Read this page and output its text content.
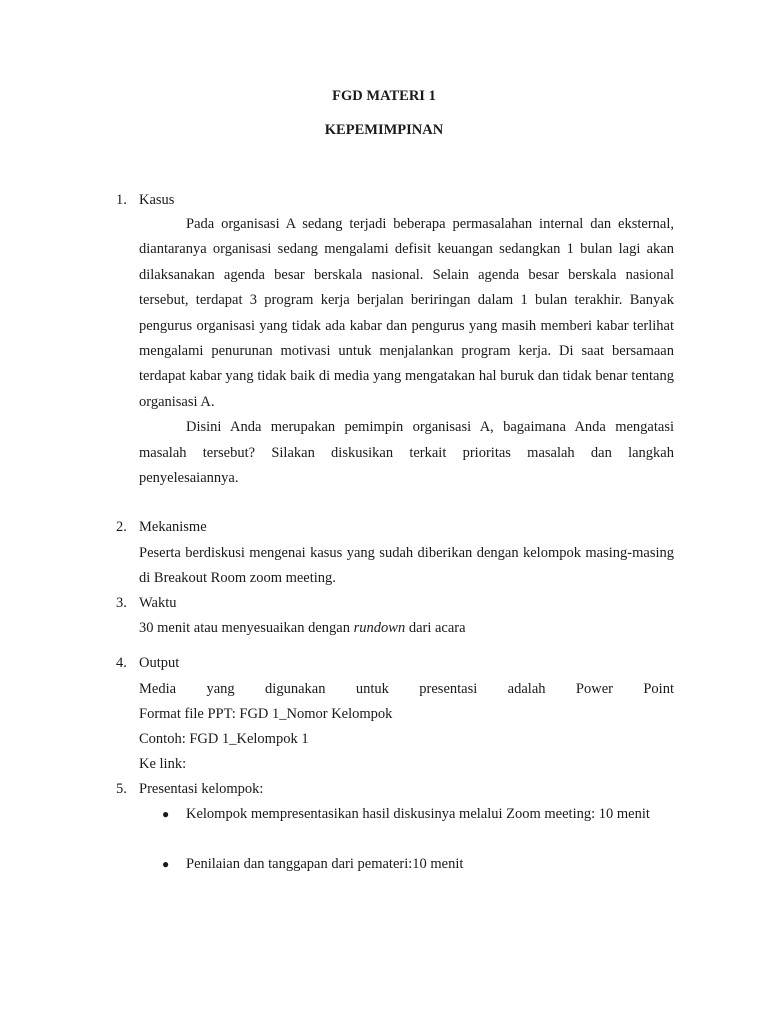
FGD MATERI 1
KEPEMIMPINAN
1. Kasus

Pada organisasi A sedang terjadi beberapa permasalahan internal dan eksternal, diantaranya organisasi sedang mengalami defisit keuangan sedangkan 1 bulan lagi akan dilaksanakan agenda besar berskala nasional. Selain agenda besar berskala nasional tersebut, terdapat 3 program kerja berjalan beriringan dalam 1 bulan terakhir. Banyak pengurus organisasi yang tidak ada kabar dan pengurus yang masih memberi kabar terlihat mengalami penurunan motivasi untuk menjalankan program kerja. Di saat bersamaan terdapat kabar yang tidak baik di media yang mengatakan hal buruk dan tidak benar tentang organisasi A.

Disini Anda merupakan pemimpin organisasi A, bagaimana Anda mengatasi masalah tersebut? Silakan diskusikan terkait prioritas masalah dan langkah penyelesaiannya.

2. Mekanisme
Peserta berdiskusi mengenai kasus yang sudah diberikan dengan kelompok masing-masing di Breakout Room zoom meeting.
3. Waktu
30 menit atau menyesuaikan dengan rundown dari acara
4. Output
Media yang digunakan untuk presentasi adalah Power Point
Format file PPT: FGD 1_Nomor Kelompok
Contoh: FGD 1_Kelompok 1
Ke link:
5. Presentasi kelompok:
● Kelompok mempresentasikan hasil diskusinya melalui Zoom meeting: 10 menit
● Penilaian dan tanggapan dari pemateri:10 menit
